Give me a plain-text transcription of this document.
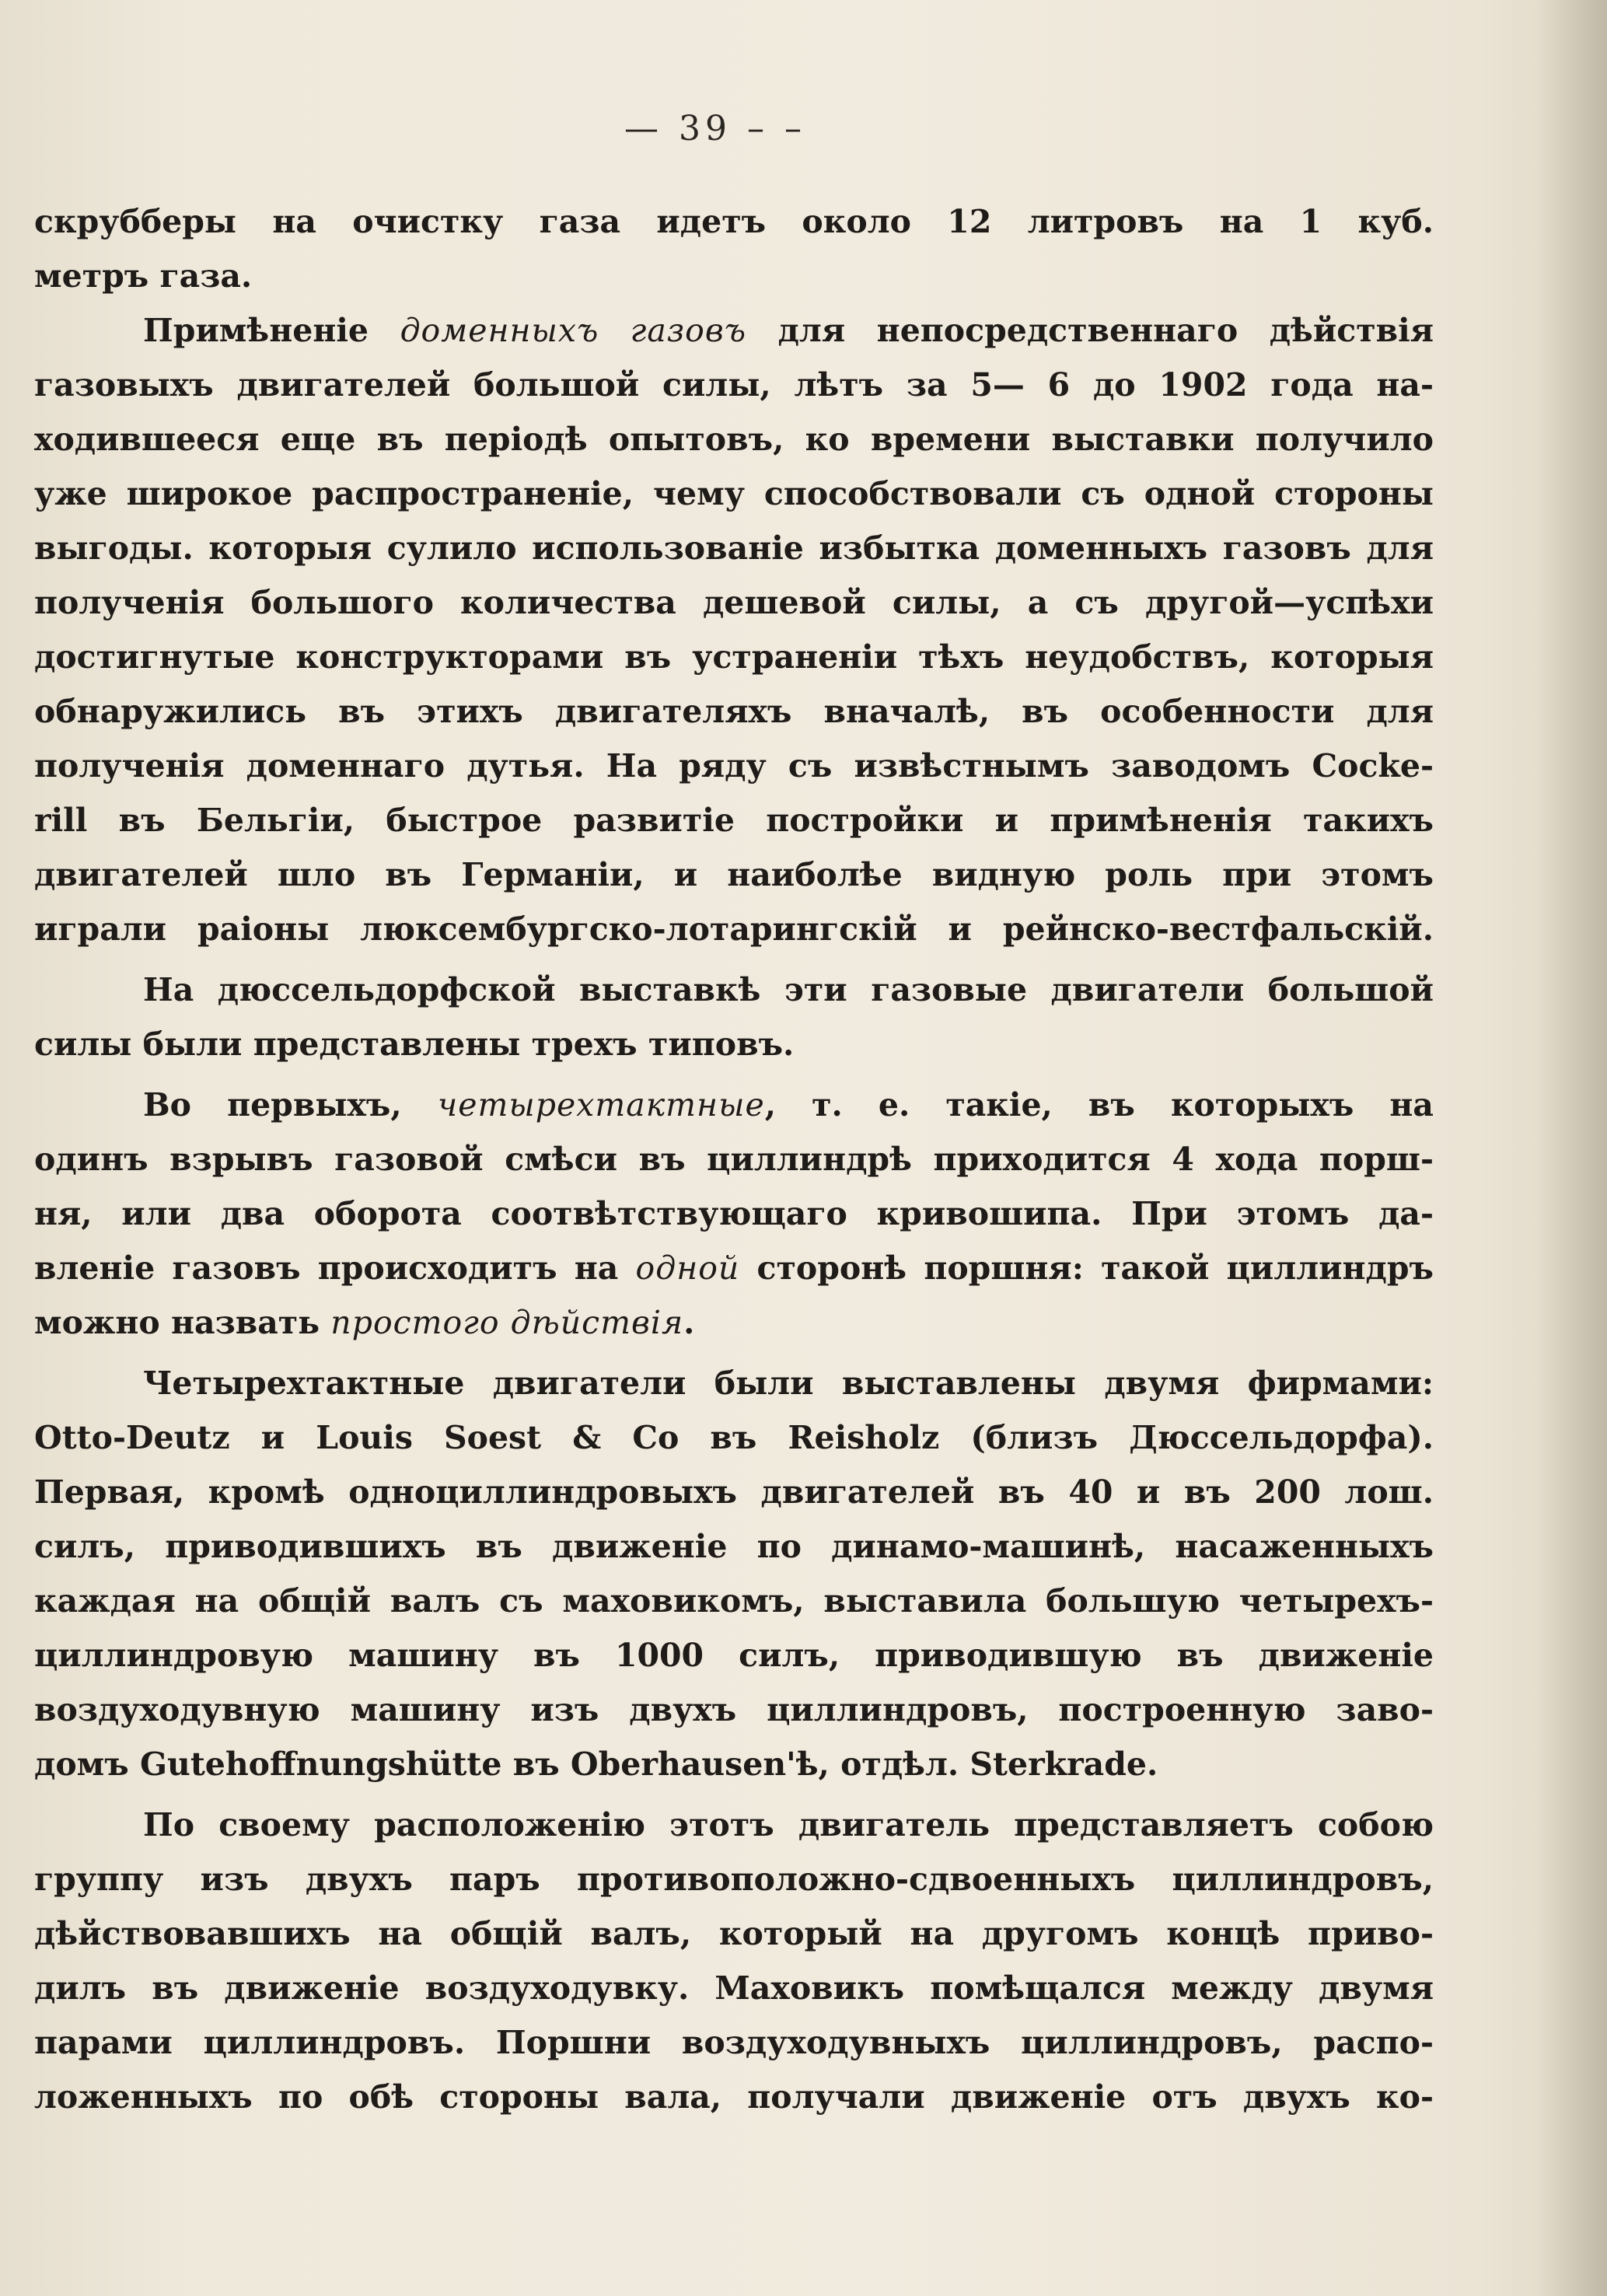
— 39 – –
скрубберы на очистку газа идетъ около 12 литровъ на 1 куб.
метръ газа.
Примѣненіе доменныхъ газовъ для непосредственнаго дѣйствія
газовыхъ двигателей большой силы, лѣтъ за 5— 6 до 1902 года на-
ходившееся еще въ періодѣ опытовъ, ко времени выставки получило
уже широкое распространеніе, чему способствовали съ одной стороны
выгоды. которыя сулило использованіе избытка доменныхъ газовъ для
полученія большого количества дешевой силы, а съ другой—успѣхи
достигнутые конструкторами въ устраненіи тѣхъ неудобствъ, которыя
обнаружились въ этихъ двигателяхъ вначалѣ, въ особенности для
полученія доменнаго дутья. На ряду съ извѣстнымъ заводомъ Cocke-
rill въ Бельгіи, быстрое развитіе постройки и примѣненія такихъ
двигателей шло въ Германіи, и наиболѣе видную роль при этомъ
играли раіоны люксембургско-лотарингскій и рейнско-вестфальскій.
На дюссельдорфской выставкѣ эти газовые двигатели большой
силы были представлены трехъ типовъ.
Во первыхъ, четырехтактные, т. е. такіе, въ которыхъ на
одинъ взрывъ газовой смѣси въ циллиндрѣ приходится 4 хода порш-
ня, или два оборота соотвѣтствующаго кривошипа. При этомъ да-
вленіе газовъ происходитъ на одной сторонѣ поршня: такой циллиндръ
можно назвать простого дѣйствія.
Четырехтактные двигатели были выставлены двумя фирмами:
Otto-Deutz и Louis Soest & Co въ Reisholz (близъ Дюссельдорфа).
Первая, кромѣ одноциллиндровыхъ двигателей въ 40 и въ 200 лош.
силъ, приводившихъ въ движеніе по динамо-машинѣ, насаженныхъ
каждая на общій валъ съ маховикомъ, выставила большую четырехъ-
циллиндровую машину въ 1000 силъ, приводившую въ движеніе
воздуходувную машину изъ двухъ циллиндровъ, построенную заво-
домъ Gutehoffnungshütte въ Oberhausen'ѣ, отдѣл. Sterkrade.
По своему расположенію этотъ двигатель представляетъ собою
группу изъ двухъ паръ противоположно-сдвоенныхъ циллиндровъ,
дѣйствовавшихъ на общій валъ, который на другомъ концѣ приво-
дилъ въ движеніе воздуходувку. Маховикъ помѣщался между двумя
парами циллиндровъ. Поршни воздуходувныхъ циллиндровъ, распо-
ложенныхъ по обѣ стороны вала, получали движеніе отъ двухъ ко-
